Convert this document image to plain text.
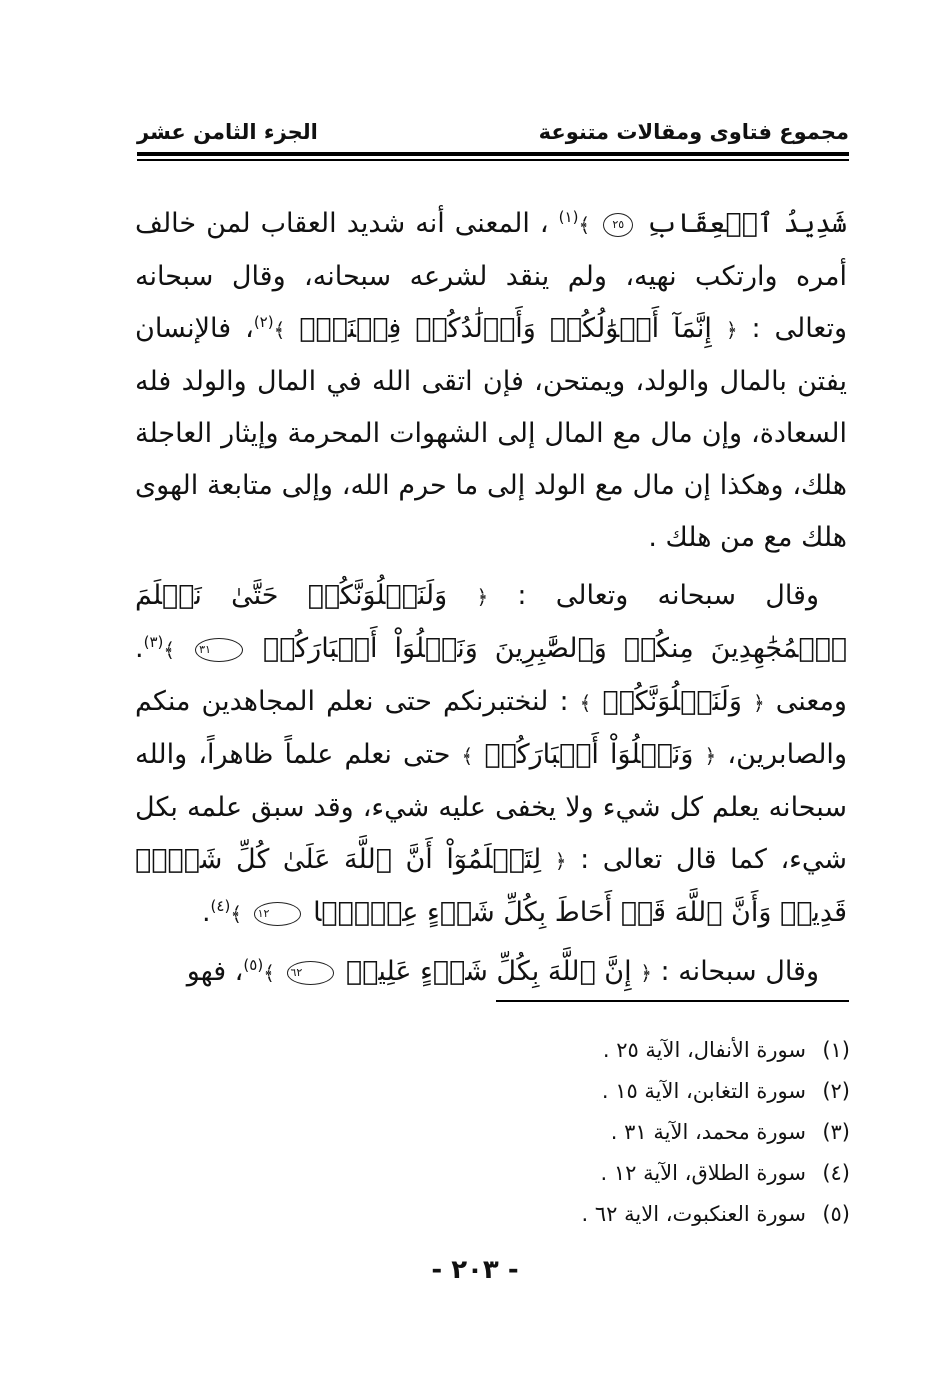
مجموع فتاوى ومقالات متنوعة
الجزء الثامن عشر

شَدِيدُ ٱلۡعِقَابِ ٢٥ ﴾$^{(١)}$ ، المعنى أنه شديد العقاب لمن خالف أمره وارتكب نهيه، ولم ينقد لشرعه سبحانه، وقال سبحانه وتعالى : ﴿ إِنَّمَآ أَمۡوَٰلُكُمۡ وَأَوۡلَٰدُكُمۡ فِتۡنَةٞۚ ﴾$^{(٢)}$، فالإنسان يفتن بالمال والولد، ويمتحن، فإن اتقى الله في المال والولد فله السعادة، وإن مال مع المال إلى الشهوات المحرمة وإيثار العاجلة هلك، وهكذا إن مال مع الولد إلى ما حرم الله، وإلى متابعة الهوى هلك مع من هلك .

وقال سبحانه وتعالى : ﴿ وَلَنَبۡلُوَنَّكُمۡ حَتَّىٰ نَعۡلَمَ ٱلۡمُجَٰهِدِينَ مِنكُمۡ وَٱلصَّٰبِرِينَ وَنَبۡلُوَاْ أَخۡبَارَكُمۡ ٣١ ﴾$^{(٣)}$. ومعنى ﴿ وَلَنَبۡلُوَنَّكُمۡ ﴾ : لنختبرنكم حتى نعلم المجاهدين منكم والصابرين، ﴿ وَنَبۡلُوَاْ أَخۡبَارَكُمۡ ﴾ حتى نعلم علماً ظاهراً، والله سبحانه يعلم كل شيء ولا يخفى عليه شيء، وقد سبق علمه بكل شيء، كما قال تعالى : ﴿ لِتَعۡلَمُوٓاْ أَنَّ ٱللَّهَ عَلَىٰ كُلِّ شَيۡءٖ قَدِيرٞ وَأَنَّ ٱللَّهَ قَدۡ أَحَاطَ بِكُلِّ شَيۡءٍ عِلۡمَۢا ١٢ ﴾$^{(٤)}$.

وقال سبحانه : ﴿ إِنَّ ٱللَّهَ بِكُلِّ شَيۡءٍ عَلِيمٞ ٦٢ ﴾$^{(٥)}$، فهو

(١)سورة الأنفال، الآية ٢٥ .
(٢)سورة التغابن، الآية ١٥ .
(٣)سورة محمد، الآية ٣١ .
(٤)سورة الطلاق، الآية ١٢ .
(٥)سورة العنكبوت، الاية ٦٢ .
- ٢٠٣ -
